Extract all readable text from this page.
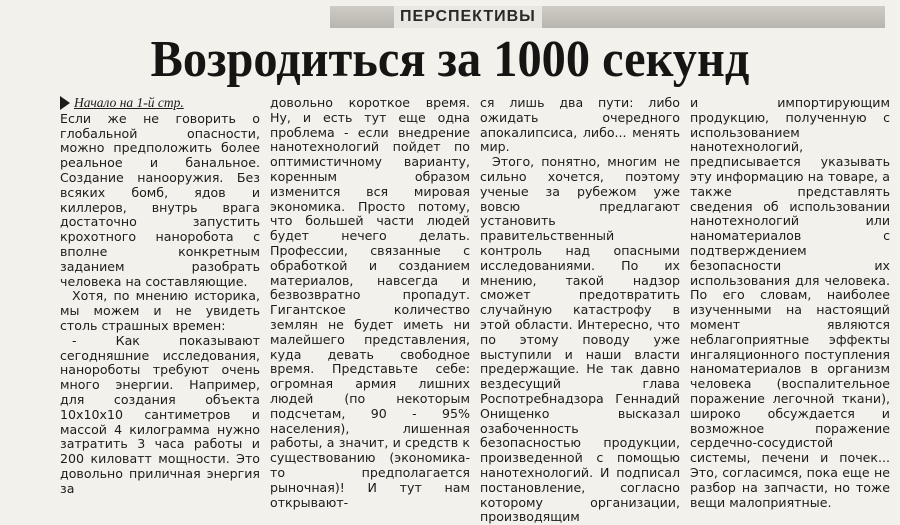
ПЕРСПЕКТИВЫ
Возродиться за 1000 секунд
Начало на 1-й стр.

Если же не говорить о глобальной опасности, можно предположить более реальное и банальное. Создание нанооружия. Без всяких бомб, ядов и киллеров, внутрь врага достаточно запустить крохотного наноробота с вполне конкретным заданием разобрать человека на составляющие.

Хотя, по мнению историка, мы можем и не увидеть столь страшных времен:

- Как показывают сегодняшние исследования, нанороботы требуют очень много энергии. Например, для создания объекта 10х10х10 сантиметров и массой 4 килограмма нужно затратить 3 часа работы и 200 киловатт мощности. Это довольно приличная энергия за

довольно короткое время. Ну, и есть тут еще одна проблема - если внедрение нанотехнологий пойдет по оптимистичному варианту, коренным образом изменится вся мировая экономика. Просто потому, что большей части людей будет нечего делать. Профессии, связанные с обработкой и созданием материалов, навсегда и безвозвратно пропадут. Гигантское количество землян не будет иметь ни малейшего представления, куда девать свободное время. Представьте себе: огромная армия лишних людей (по некоторым подсчетам, 90 - 95% населения), лишенная работы, а значит, и средств к существованию (экономика-то предполагается рыночная)! И тут нам открывают-

ся лишь два пути: либо ожидать очередного апокалипсиса, либо... менять мир.

Этого, понятно, многим не сильно хочется, поэтому ученые за рубежом уже вовсю предлагают установить правительственный контроль над опасными исследованиями. По их мнению, такой надзор сможет предотвратить случайную катастрофу в этой области. Интересно, что по этому поводу уже выступили и наши власти предержащие. Не так давно вездесущий глава Роспотребнадзора Геннадий Онищенко высказал озабоченность безопасностью продукции, произведенной с помощью нанотехнологий. И подписал постановление, согласно которому организации, производящим

и импортирующим продукцию, полученную с использованием нанотехнологий, предписывается указывать эту информацию на товаре, а также представлять сведения об использовании нанотехнологий или наноматериалов с подтверждением безопасности их использования для человека. По его словам, наиболее изученными на настоящий момент являются неблагоприятные эффекты ингаляционного поступления наноматериалов в организм человека (воспалительное поражение легочной ткани), широко обсуждается и возможное поражение сердечно-сосудистой системы, печени и почек... Это, согласимся, пока еще не разбор на запчасти, но тоже вещи малоприятные.
